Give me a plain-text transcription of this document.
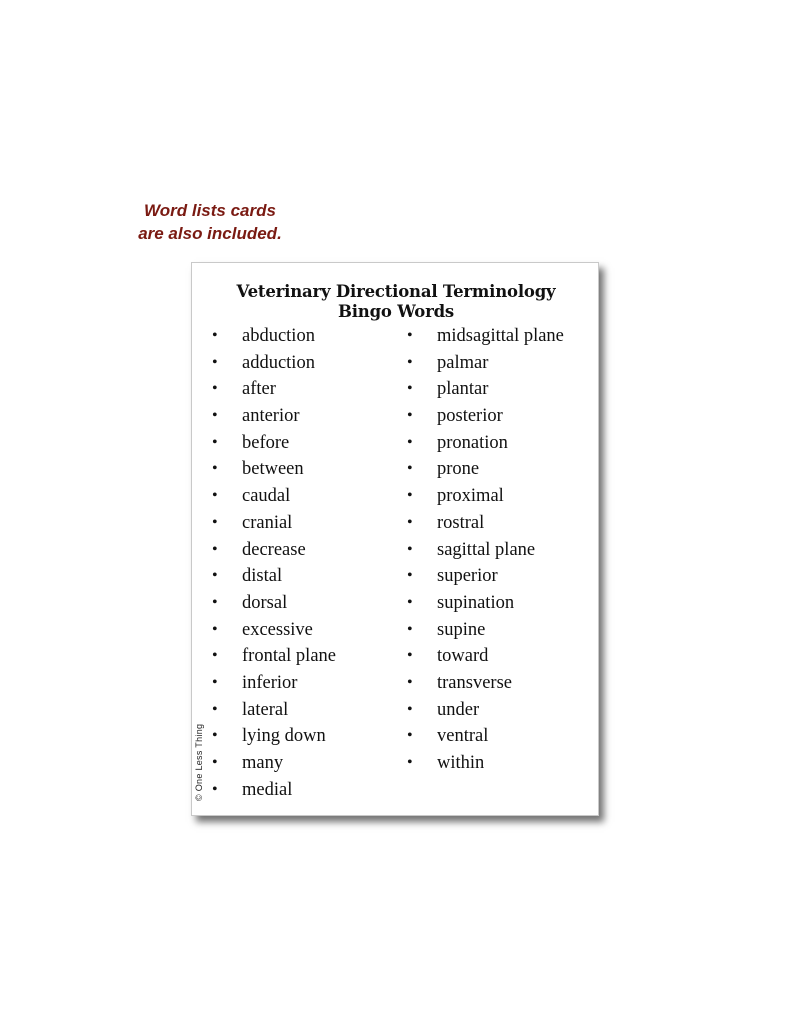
Word lists cards
are also included.
Veterinary Directional Terminology
Bingo Words
• abduction
• adduction
• after
• anterior
• before
• between
• caudal
• cranial
• decrease
• distal
• dorsal
• excessive
• frontal plane
• inferior
• lateral
• lying down
• many
• medial
• midsagittal plane
• palmar
• plantar
• posterior
• pronation
• prone
• proximal
• rostral
• sagittal plane
• superior
• supination
• supine
• toward
• transverse
• under
• ventral
• within
© One Less Thing
